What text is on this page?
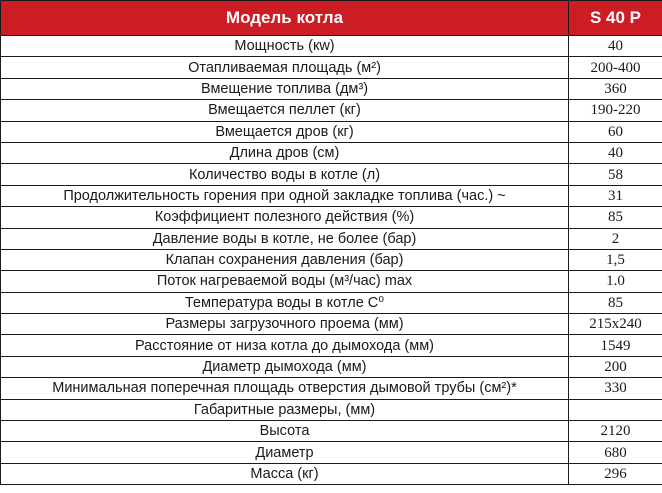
Модель котла	S 40 P
Мощность (кw)	40
Отапливаемая площадь (м²)	200-400
Вмещение топлива (дм³)	360
Вмещается пеллет (кг)	190-220
Вмещается дров (кг)	60
Длина дров (см)	40
Количество воды в котле (л)	58
Продолжительность горения при одной закладке топлива (час.) ~	31
Коэффициент полезного действия (%)	85
Давление воды в котле, не более (бар)	2
Клапан сохранения давления (бар)	1,5
Поток нагреваемой воды (м³/час) max	1.0
Температура воды в котле С⁰	85
Размеры загрузочного проема (мм)	215x240
Расстояние от низа котла до дымохода (мм)	1549
Диаметр дымохода (мм)	200
Минимальная поперечная площадь отверстия дымовой трубы (см²)*	330
Габаритные размеры, (мм)	
Высота	2120
Диаметр	680
Масса (кг)	296
